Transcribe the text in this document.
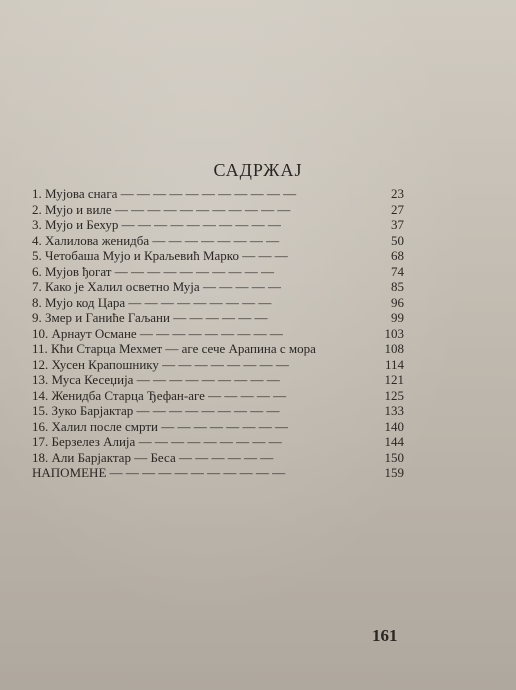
САДРЖАЈ
1. Мујова снага — — — — — — — — — — —	23
2. Мујо и виле — — — — — — — — — — —	27
3. Мујо и Бехур — — — — — — — — — —	37
4. Халилова женидба — — — — — — — —	50
5. Четобаша Мујо и Краљевић Марко — — —	68
6. Мујов ђогат — — — — — — — — — —	74
7. Како је Халил осветно Мујa — — — — —	85
8. Мујо код Цара — — — — — — — — —	96
9. Змер и Ганиће Гаљани — — — — — —	99
10. Арнаут Османе — — — — — — — — —	103
11. Кћи Старца Мехмет — аге сече Арапина с мора	108
12. Хусен Крапошнику — — — — — — — —	114
13. Муса Кесеџија — — — — — — — — —	121
14. Женидба Старца Ђефан-аге — — — — —	125
15. Зуко Барјактар — — — — — — — — —	133
16. Халил после смрти — — — — — — — —	140
17. Берзелез Алија — — — — — — — — —	144
18. Али Барјактар — Беса — — — — — —	150
НАПОМЕНЕ — — — — — — — — — — —	159
161
